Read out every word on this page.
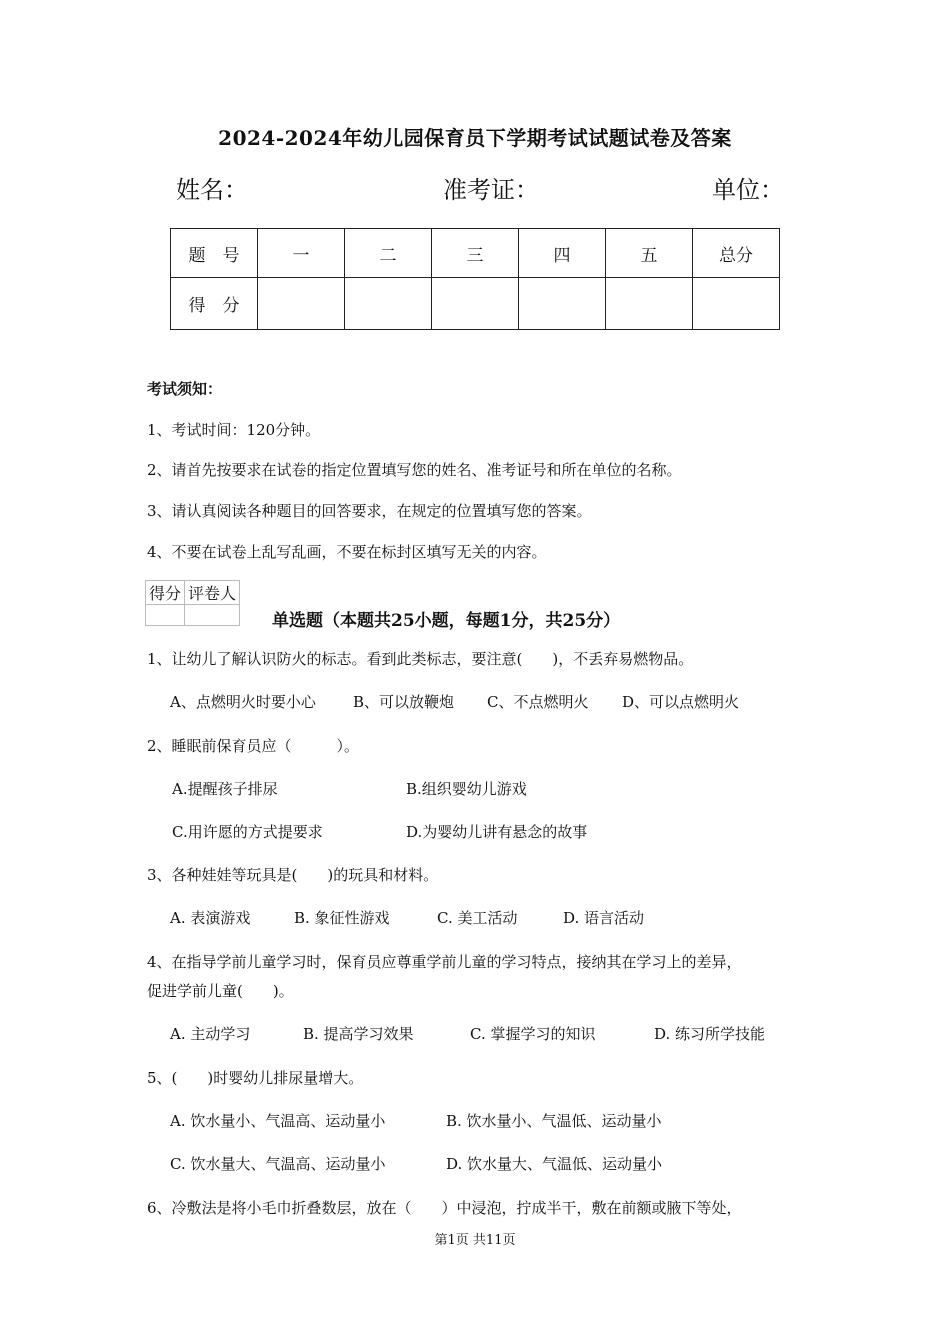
2024-2024年幼儿园保育员下学期考试试题试卷及答案
姓名：	准考证：	单位：
题　号	一	二	三	四	五	总分
得　分						
考试须知：
1、考试时间：120分钟。
2、请首先按要求在试卷的指定位置填写您的姓名、准考证号和所在单位的名称。
3、请认真阅读各种题目的回答要求，在规定的位置填写您的答案。
4、不要在试卷上乱写乱画，不要在标封区填写无关的内容。
得分	评卷人

单选题（本题共25小题，每题1分，共25分）
1、让幼儿了解认识防火的标志。看到此类标志，要注意(　　)，不丢弃易燃物品。
A、点燃明火时要小心 B、可以放鞭炮 C、不点燃明火 D、可以点燃明火
2、睡眠前保育员应（　　　）。
A.提醒孩子排尿	B.组织婴幼儿游戏
C.用许愿的方式提要求	D.为婴幼儿讲有悬念的故事
3、各种娃娃等玩具是(　　)的玩具和材料。
A. 表演游戏	B. 象征性游戏	C. 美工活动	D. 语言活动
4、在指导学前儿童学习时，保育员应尊重学前儿童的学习特点，接纳其在学习上的差异，
促进学前儿童(　　)。
A. 主动学习	B. 提高学习效果	C. 掌握学习的知识	D. 练习所学技能
5、(　　)时婴幼儿排尿量增大。
A. 饮水量小、气温高、运动量小	B. 饮水量小、气温低、运动量小
C. 饮水量大、气温高、运动量小	D. 饮水量大、气温低、运动量小
6、冷敷法是将小毛巾折叠数层，放在（　　）中浸泡，拧成半干，敷在前额或腋下等处，
第1页 共11页
